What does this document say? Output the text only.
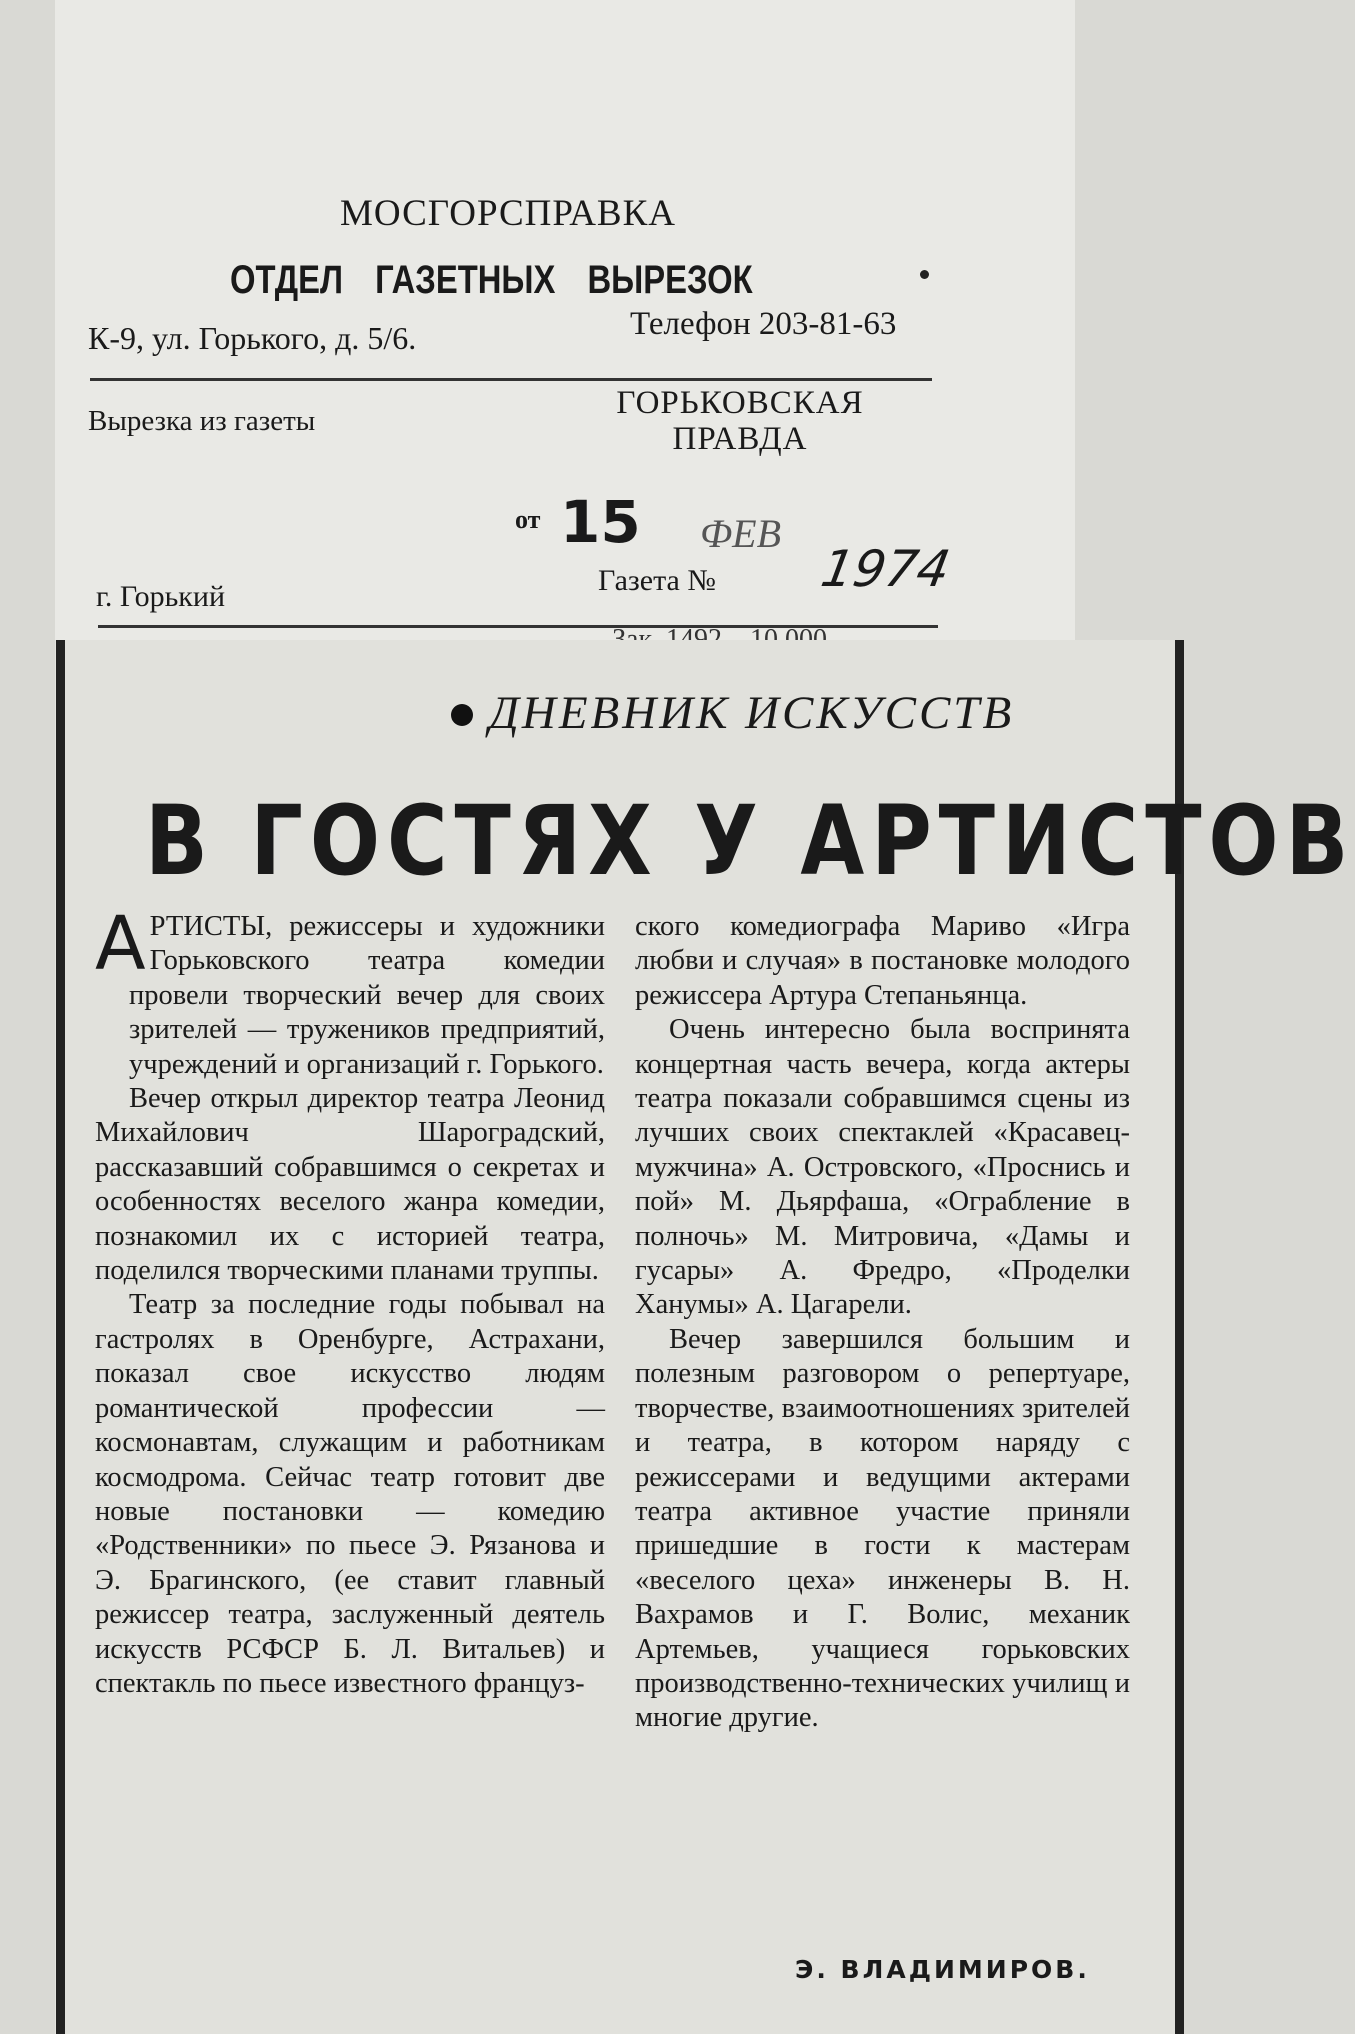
МОСГОРСПРАВКА
ОТДЕЛ ГАЗЕТНЫХ ВЫРЕЗОК
К-9, ул. Горького, д. 5/6.	Телефон 203-81-63
Вырезка из газеты	ГОРЬКОВСКАЯ ПРАВДА
от 15 ФЕВ
Газета № 1974
г. Горький
ДНЕВНИК ИСКУССТВ
В ГОСТЯХ У АРТИСТОВ

АРТИСТЫ, режиссеры и художники Горьковского театра комедии провели творческий вечер для своих зрителей — тружеников предприятий, учреждений и организаций г. Горького.

Вечер открыл директор театра Леонид Михайлович Шароградский, рассказавший собравшимся о секретах и особенностях веселого жанра комедии, познакомил их с историей театра, поделился творческими планами труппы.

Театр за последние годы побывал на гастролях в Оренбурге, Астрахани, показал свое искусство людям романтической профессии — космонавтам, служащим и работникам космодрома. Сейчас театр готовит две новые постановки — комедию «Родственники» по пьесе Э. Рязанова и Э. Брагинского, (ее ставит главный режиссер театра, заслуженный деятель искусств РСФСР Б. Л. Витальев) и спектакль по пьесе известного француз-

ского комедиографа Мариво «Игра любви и случая» в постановке молодого режиссера Артура Степаньянца.

Очень интересно была воспринята концертная часть вечера, когда актеры театра показали собравшимся сцены из лучших своих спектаклей «Красавец-мужчина» А. Островского, «Проснись и пой» М. Дьярфаша, «Ограбление в полночь» М. Митровича, «Дамы и гусары» А. Фредро, «Проделки Ханумы» А. Цагарели.

Вечер завершился большим и полезным разговором о репертуаре, творчестве, взаимоотношениях зрителей и театра, в котором наряду с режиссерами и ведущими актерами театра активное участие приняли пришедшие в гости к мастерам «веселого цеха» инженеры В. Н. Вахрамов и Г. Волис, механик Артемьев, учащиеся горьковских производственно-технических училищ и многие другие.

Э. ВЛАДИМИРОВ.
